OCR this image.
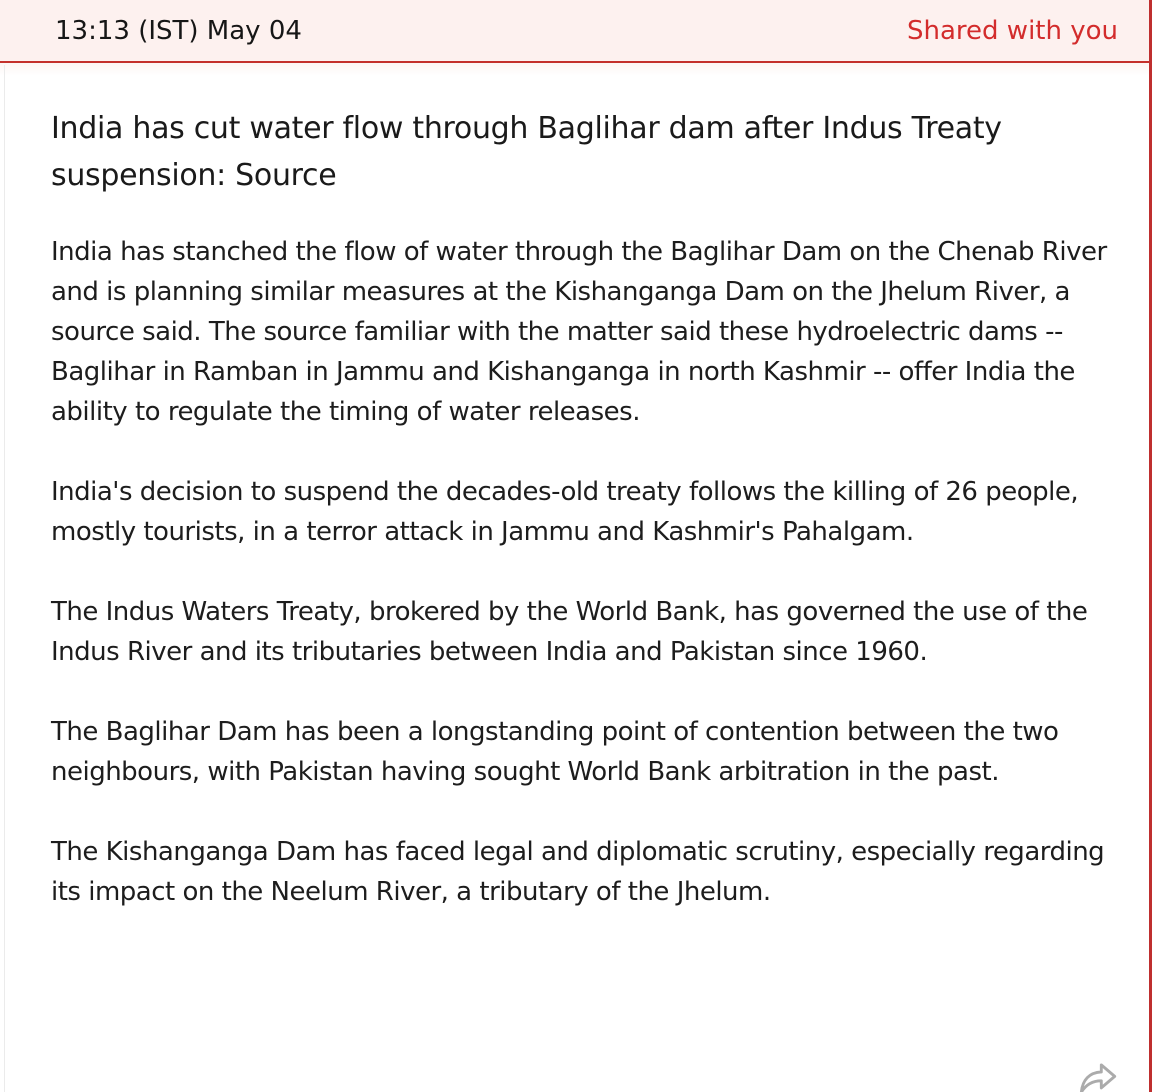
13:13 (IST) May 04	Shared with you
India has cut water flow through Baglihar dam after Indus Treaty suspension: Source

India has stanched the flow of water through the Baglihar Dam on the Chenab River and is planning similar measures at the Kishanganga Dam on the Jhelum River, a source said. The source familiar with the matter said these hydroelectric dams -- Baglihar in Ramban in Jammu and Kishanganga in north Kashmir -- offer India the ability to regulate the timing of water releases.

India's decision to suspend the decades-old treaty follows the killing of 26 people, mostly tourists, in a terror attack in Jammu and Kashmir's Pahalgam.

The Indus Waters Treaty, brokered by the World Bank, has governed the use of the Indus River and its tributaries between India and Pakistan since 1960.

The Baglihar Dam has been a longstanding point of contention between the two neighbours, with Pakistan having sought World Bank arbitration in the past.

The Kishanganga Dam has faced legal and diplomatic scrutiny, especially regarding its impact on the Neelum River, a tributary of the Jhelum.
